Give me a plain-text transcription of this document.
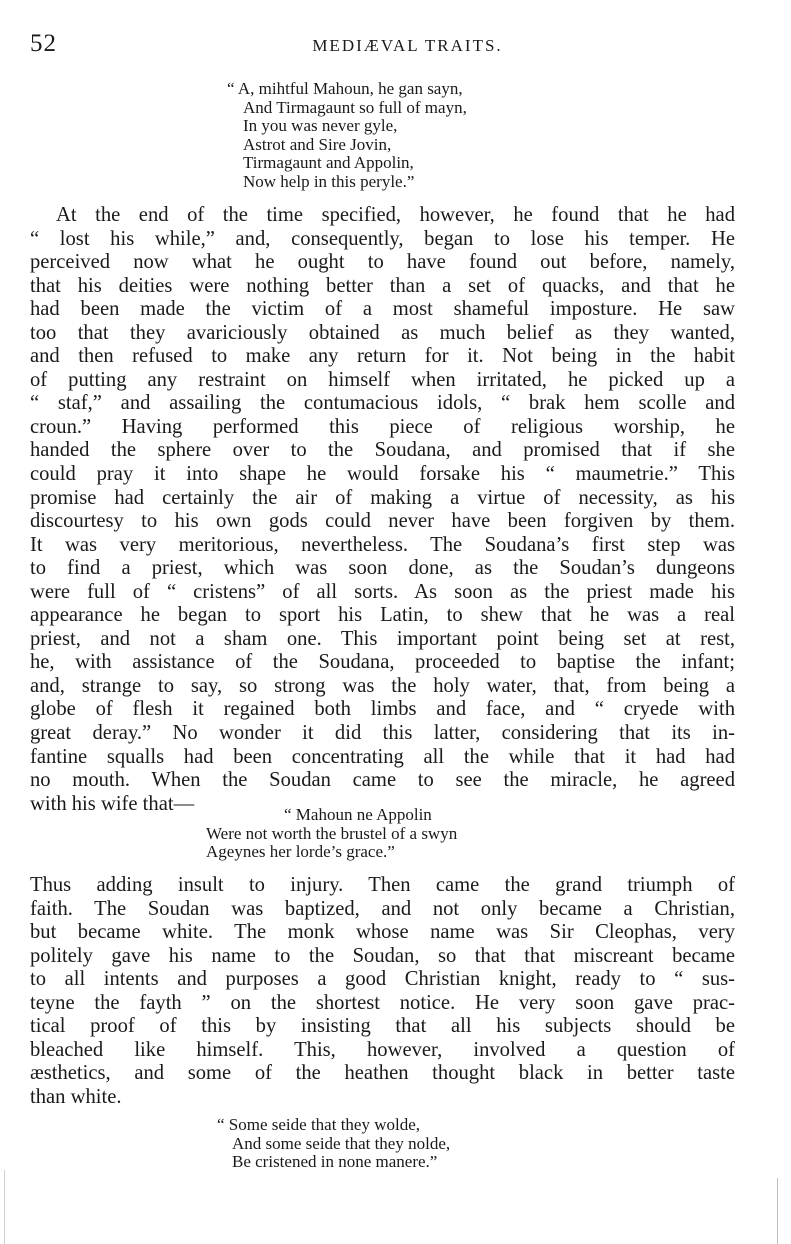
52	MEDIÆVAL TRAITS.
“ A, mihtful Mahoun, he gan sayn,
And Tirmagaunt so full of mayn,
In you was never gyle,
Astrot and Sire Jovin,
Tirmagaunt and Appolin,
Now help in this peryle.”
At the end of the time specified, however, he found that he had
“ lost his while,” and, consequently, began to lose his temper. He
perceived now what he ought to have found out before, namely,
that his deities were nothing better than a set of quacks, and that he
had been made the victim of a most shameful imposture. He saw
too that they avariciously obtained as much belief as they wanted,
and then refused to make any return for it. Not being in the habit
of putting any restraint on himself when irritated, he picked up a
“ staf,” and assailing the contumacious idols, “ brak hem scolle and
croun.” Having performed this piece of religious worship, he
handed the sphere over to the Soudana, and promised that if she
could pray it into shape he would forsake his “ maumetrie.” This
promise had certainly the air of making a virtue of necessity, as his
discourtesy to his own gods could never have been forgiven by them.
It was very meritorious, nevertheless. The Soudana’s first step was
to find a priest, which was soon done, as the Soudan’s dungeons
were full of “ cristens” of all sorts. As soon as the priest made his
appearance he began to sport his Latin, to shew that he was a real
priest, and not a sham one. This important point being set at rest,
he, with assistance of the Soudana, proceeded to baptise the infant;
and, strange to say, so strong was the holy water, that, from being a
globe of flesh it regained both limbs and face, and “ cryede with
great deray.” No wonder it did this latter, considering that its in-
fantine squalls had been concentrating all the while that it had had
no mouth. When the Soudan came to see the miracle, he agreed
with his wife that—	“ Mahoun ne Appolin
Were not worth the brustel of a swyn
Ageynes her lorde’s grace.”
Thus adding insult to injury. Then came the grand triumph of
faith. The Soudan was baptized, and not only became a Christian,
but became white. The monk whose name was Sir Cleophas, very
politely gave his name to the Soudan, so that that miscreant became
to all intents and purposes a good Christian knight, ready to “ sus-
teyne the fayth ” on the shortest notice. He very soon gave prac-
tical proof of this by insisting that all his subjects should be
bleached like himself. This, however, involved a question of
æsthetics, and some of the heathen thought black in better taste
than white.
“ Some seide that they wolde,
And some seide that they nolde,
Be cristened in none manere.”
